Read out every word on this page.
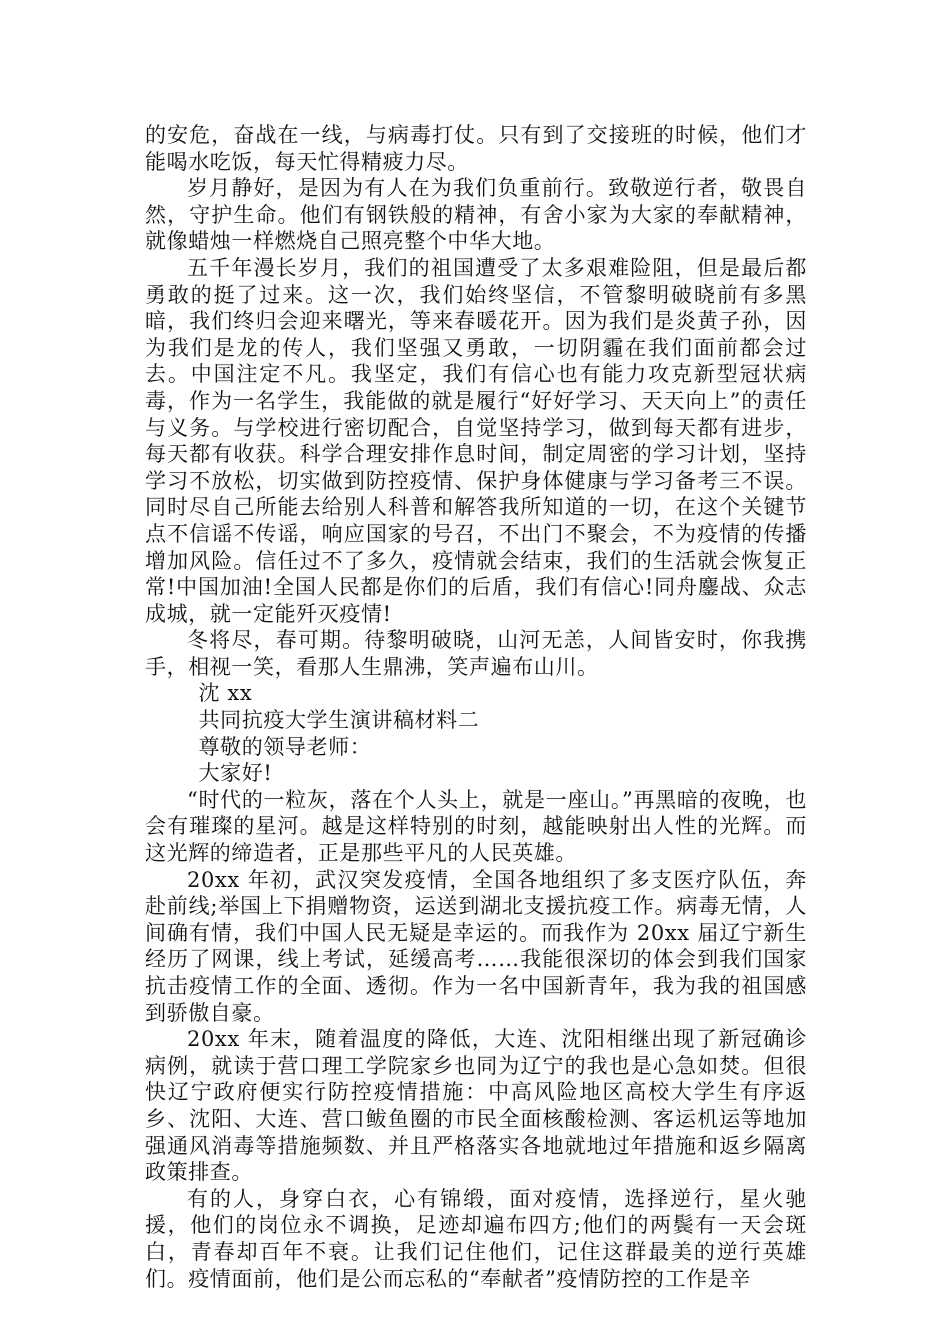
的安危，奋战在一线，与病毒打仗。只有到了交接班的时候，他们才能喝水吃饭，每天忙得精疲力尽。

岁月静好，是因为有人在为我们负重前行。致敬逆行者，敬畏自然，守护生命。他们有钢铁般的精神，有舍小家为大家的奉献精神，就像蜡烛一样燃烧自己照亮整个中华大地。

五千年漫长岁月，我们的祖国遭受了太多艰难险阻，但是最后都勇敢的挺了过来。这一次，我们始终坚信，不管黎明破晓前有多黑暗，我们终归会迎来曙光，等来春暖花开。因为我们是炎黄子孙，因为我们是龙的传人，我们坚强又勇敢，一切阴霾在我们面前都会过去。中国注定不凡。我坚定，我们有信心也有能力攻克新型冠状病毒，作为一名学生，我能做的就是履行“好好学习、天天向上”的责任与义务。与学校进行密切配合，自觉坚持学习，做到每天都有进步，每天都有收获。科学合理安排作息时间，制定周密的学习计划，坚持学习不放松，切实做到防控疫情、保护身体健康与学习备考三不误。同时尽自己所能去给别人科普和解答我所知道的一切，在这个关键节点不信谣不传谣，响应国家的号召，不出门不聚会，不为疫情的传播增加风险。信任过不了多久，疫情就会结束，我们的生活就会恢复正常!中国加油!全国人民都是你们的后盾，我们有信心!同舟鏖战、众志成城，就一定能歼灭疫情!

冬将尽，春可期。待黎明破晓，山河无恙，人间皆安时，你我携手，相视一笑，看那人生鼎沸，笑声遍布山川。

沈 xx

共同抗疫大学生演讲稿材料二

尊敬的领导老师：

大家好!

“时代的一粒灰，落在个人头上，就是一座山。”再黑暗的夜晚，也会有璀璨的星河。越是这样特别的时刻，越能映射出人性的光辉。而这光辉的缔造者，正是那些平凡的人民英雄。

20xx 年初，武汉突发疫情，全国各地组织了多支医疗队伍，奔赴前线;举国上下捐赠物资，运送到湖北支援抗疫工作。病毒无情，人间确有情，我们中国人民无疑是幸运的。而我作为 20xx 届辽宁新生经历了网课，线上考试，延缓高考……我能很深切的体会到我们国家抗击疫情工作的全面、透彻。作为一名中国新青年，我为我的祖国感到骄傲自豪。

20xx 年末，随着温度的降低，大连、沈阳相继出现了新冠确诊病例，就读于营口理工学院家乡也同为辽宁的我也是心急如焚。但很快辽宁政府便实行防控疫情措施：中高风险地区高校大学生有序返乡、沈阳、大连、营口鲅鱼圈的市民全面核酸检测、客运机运等地加强通风消毒等措施频数、并且严格落实各地就地过年措施和返乡隔离政策排查。

有的人，身穿白衣，心有锦缎，面对疫情，选择逆行，星火驰援，他们的岗位永不调换，足迹却遍布四方;他们的两鬓有一天会斑白，青春却百年不衰。让我们记住他们，记住这群最美的逆行英雄们。疫情面前，他们是公而忘私的“奉献者”疫情防控的工作是辛
